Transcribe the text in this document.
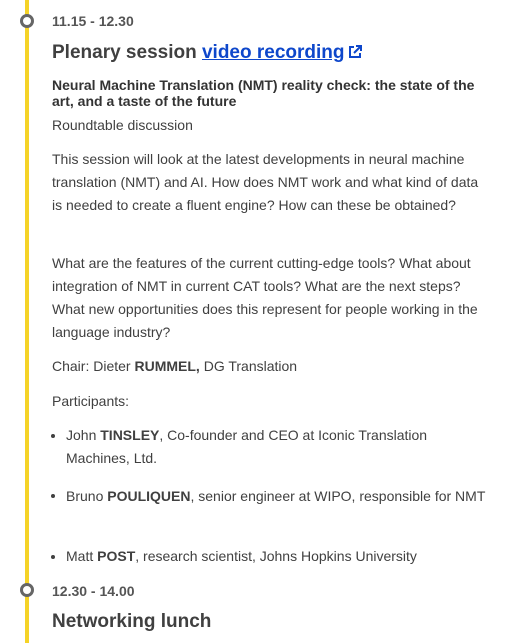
11.15 - 12.30
Plenary session video recording
Neural Machine Translation (NMT) reality check: the state of the art, and a taste of the future
Roundtable discussion
This session will look at the latest developments in neural machine translation (NMT) and AI. How does NMT work and what kind of data is needed to create a fluent engine? How can these be obtained?
What are the features of the current cutting-edge tools? What about integration of NMT in current CAT tools? What are the next steps? What new opportunities does this represent for people working in the language industry?
Chair: Dieter RUMMEL, DG Translation
Participants:
John TINSLEY, Co-founder and CEO at Iconic Translation Machines, Ltd.
Bruno POULIQUEN, senior engineer at WIPO, responsible for NMT
Matt POST, research scientist, Johns Hopkins University
12.30 - 14.00
Networking lunch
